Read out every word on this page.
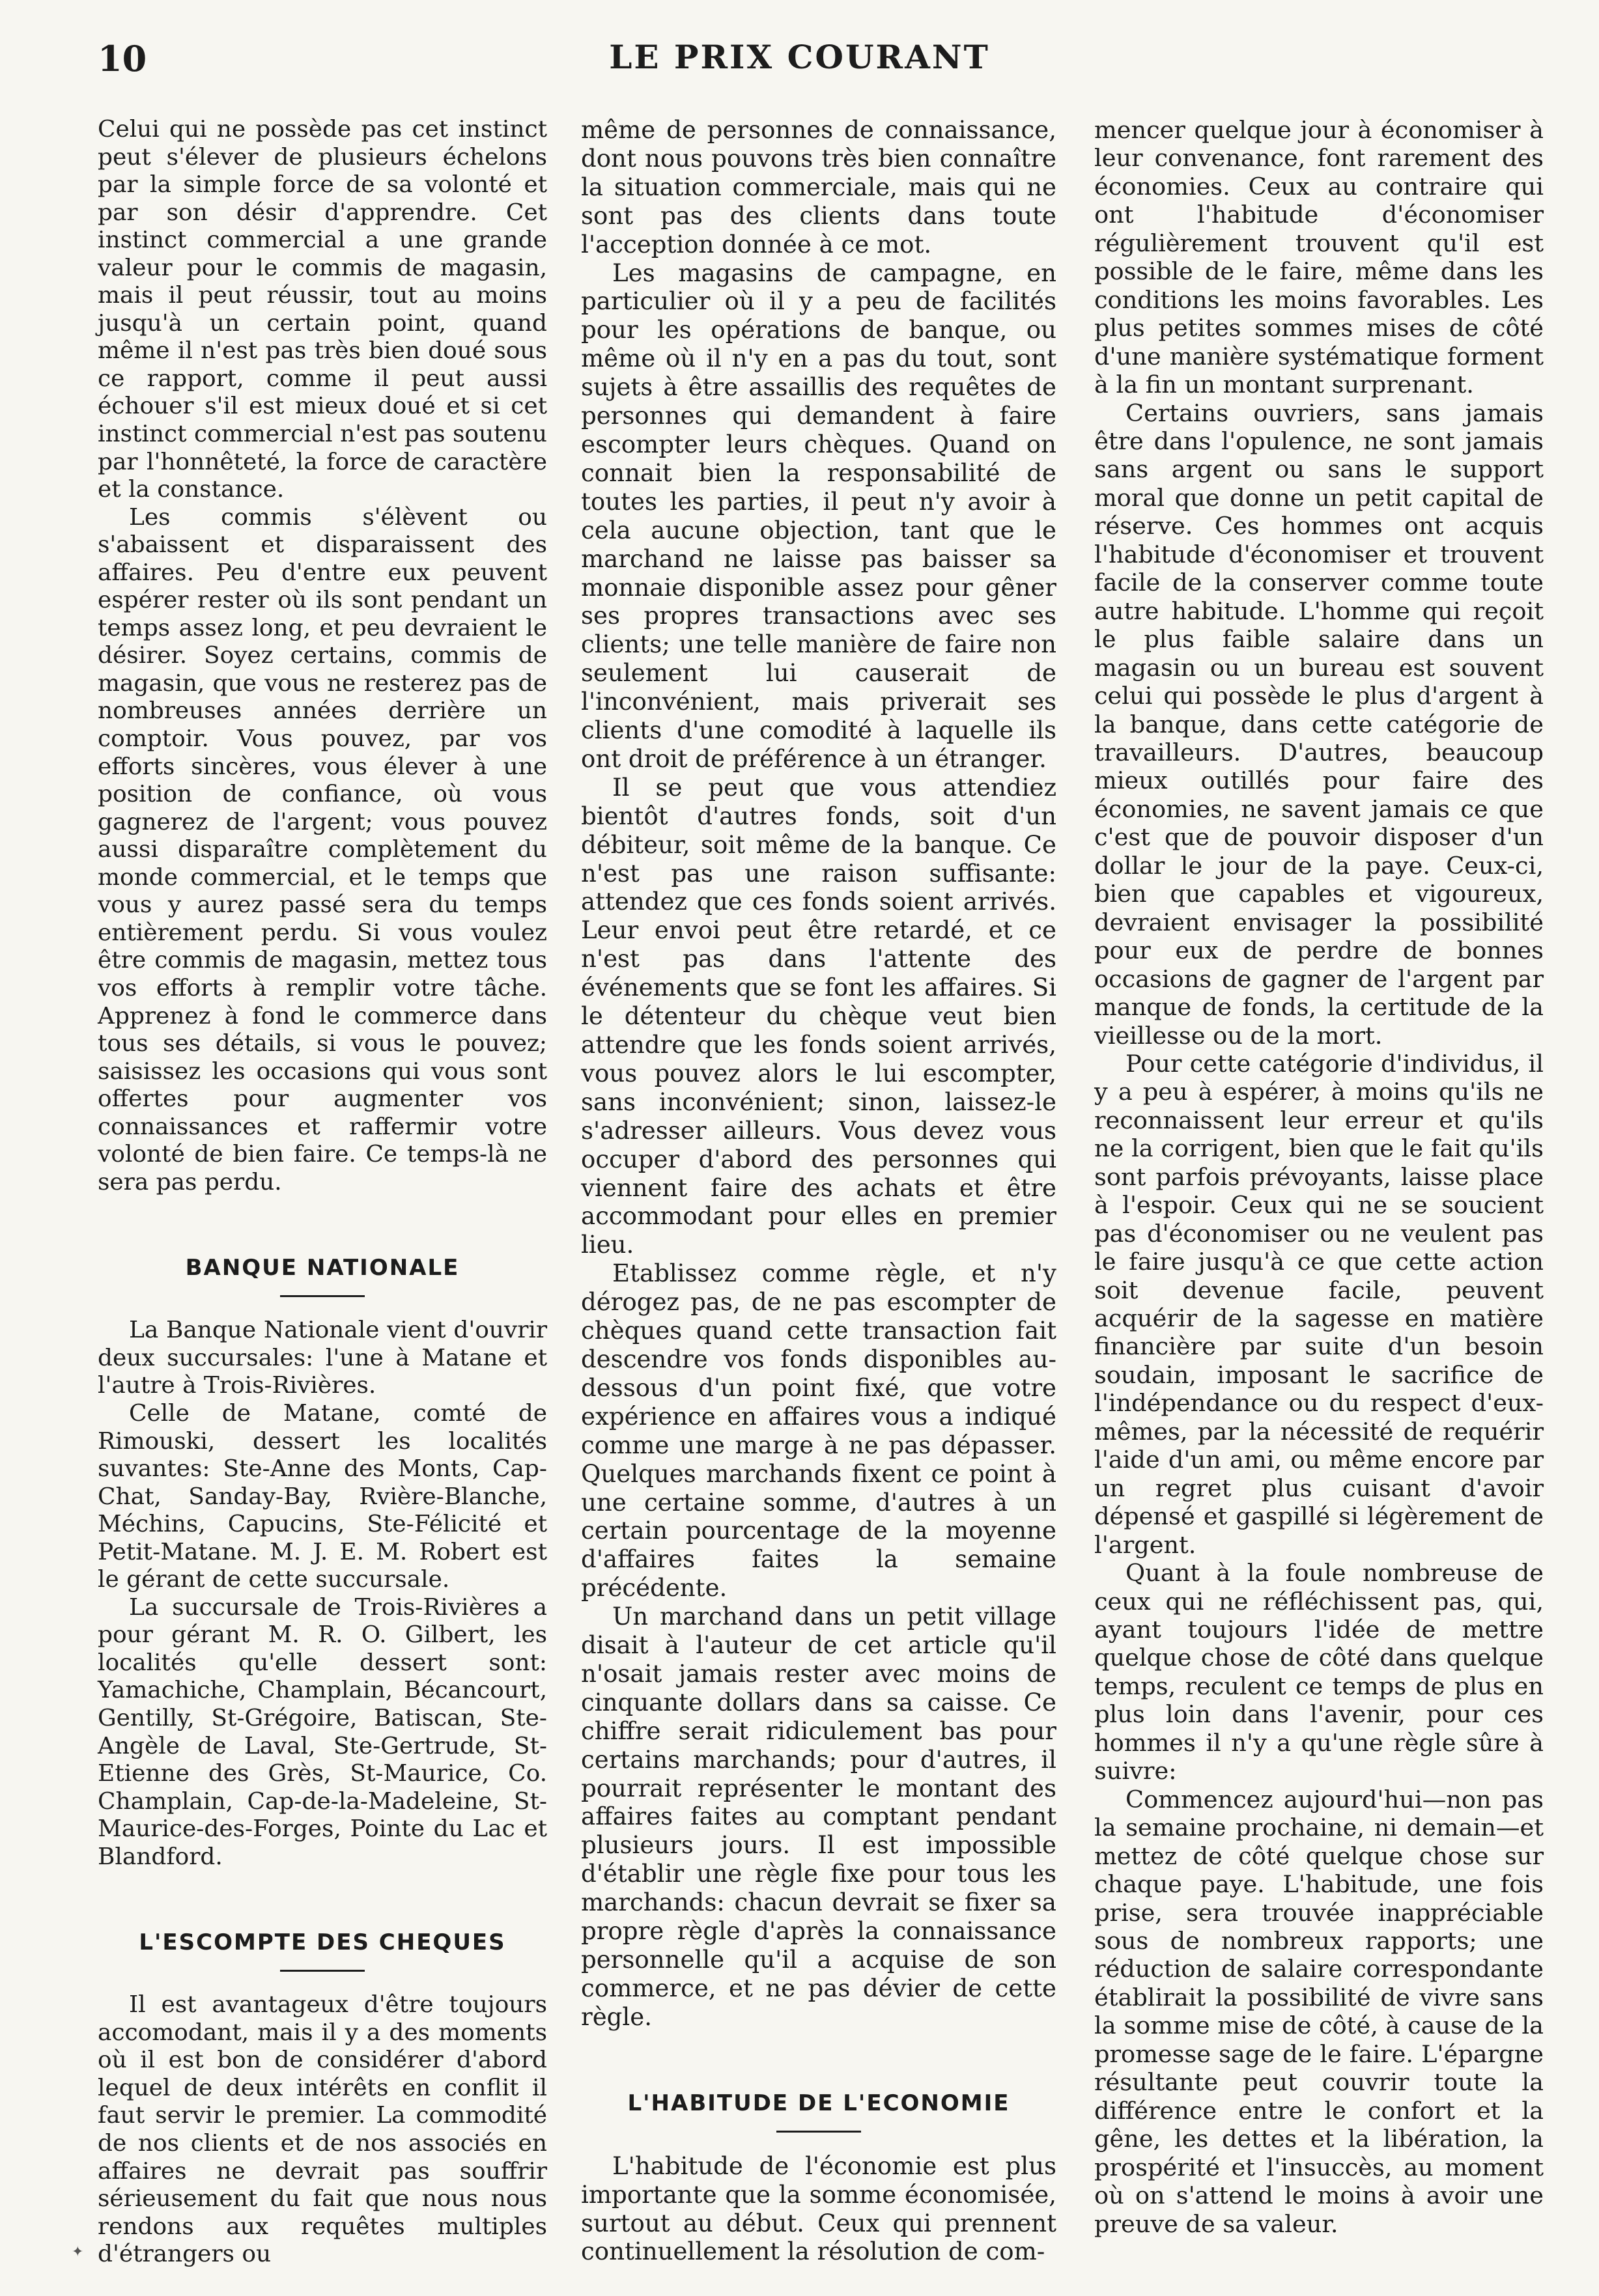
10	LE PRIX COURANT

Celui qui ne possède pas cet instinct peut s'élever de plusieurs échelons par la simple force de sa volonté et par son désir d'apprendre. Cet instinct commercial a une grande valeur pour le commis de magasin, mais il peut réussir, tout au moins jusqu'à un certain point, quand même il n'est pas très bien doué sous ce rapport, comme il peut aussi échouer s'il est mieux doué et si cet instinct commercial n'est pas soutenu par l'honnêteté, la force de caractère et la constance.

Les commis s'élèvent ou s'abaissent et disparaissent des affaires. Peu d'entre eux peuvent espérer rester où ils sont pendant un temps assez long, et peu devraient le désirer. Soyez certains, commis de magasin, que vous ne resterez pas de nombreuses années derrière un comptoir. Vous pouvez, par vos efforts sincères, vous élever à une position de confiance, où vous gagnerez de l'argent; vous pouvez aussi disparaître complètement du monde commercial, et le temps que vous y aurez passé sera du temps entièrement perdu. Si vous voulez être commis de magasin, mettez tous vos efforts à remplir votre tâche. Apprenez à fond le commerce dans tous ses détails, si vous le pouvez; saisissez les occasions qui vous sont offertes pour augmenter vos connaissances et raffermir votre volonté de bien faire. Ce temps-là ne sera pas perdu.

BANQUE NATIONALE

La Banque Nationale vient d'ouvrir deux succursales: l'une à Matane et l'autre à Trois-Rivières.

Celle de Matane, comté de Rimouski, dessert les localités suvantes: Ste-Anne des Monts, Cap-Chat, Sanday-Bay, Rvière-Blanche, Méchins, Capucins, Ste-Félicité et Petit-Matane. M. J. E. M. Robert est le gérant de cette succursale.

La succursale de Trois-Rivières a pour gérant M. R. O. Gilbert, les localités qu'elle dessert sont: Yamachiche, Champlain, Bécancourt, Gentilly, St-Grégoire, Batiscan, Ste-Angèle de Laval, Ste-Gertrude, St-Etienne des Grès, St-Maurice, Co. Champlain, Cap-de-la-Madeleine, St-Maurice-des-Forges, Pointe du Lac et Blandford.

L'ESCOMPTE DES CHEQUES

Il est avantageux d'être toujours accomodant, mais il y a des moments où il est bon de considérer d'abord lequel de deux intérêts en conflit il faut servir le premier. La commodité de nos clients et de nos associés en affaires ne devrait pas souffrir sérieusement du fait que nous nous rendons aux requêtes multiples d'étrangers ou

même de personnes de connaissance, dont nous pouvons très bien connaître la situation commerciale, mais qui ne sont pas des clients dans toute l'acception donnée à ce mot.

Les magasins de campagne, en particulier où il y a peu de facilités pour les opérations de banque, ou même où il n'y en a pas du tout, sont sujets à être assaillis des requêtes de personnes qui demandent à faire escompter leurs chèques. Quand on connait bien la responsabilité de toutes les parties, il peut n'y avoir à cela aucune objection, tant que le marchand ne laisse pas baisser sa monnaie disponible assez pour gêner ses propres transactions avec ses clients; une telle manière de faire non seulement lui causerait de l'inconvénient, mais priverait ses clients d'une comodité à laquelle ils ont droit de préférence à un étranger.

Il se peut que vous attendiez bientôt d'autres fonds, soit d'un débiteur, soit même de la banque. Ce n'est pas une raison suffisante: attendez que ces fonds soient arrivés. Leur envoi peut être retardé, et ce n'est pas dans l'attente des événements que se font les affaires. Si le détenteur du chèque veut bien attendre que les fonds soient arrivés, vous pouvez alors le lui escompter, sans inconvénient; sinon, laissez-le s'adresser ailleurs. Vous devez vous occuper d'abord des personnes qui viennent faire des achats et être accommodant pour elles en premier lieu.

Etablissez comme règle, et n'y dérogez pas, de ne pas escompter de chèques quand cette transaction fait descendre vos fonds disponibles au-dessous d'un point fixé, que votre expérience en affaires vous a indiqué comme une marge à ne pas dépasser. Quelques marchands fixent ce point à une certaine somme, d'autres à un certain pourcentage de la moyenne d'affaires faites la semaine précédente.

Un marchand dans un petit village disait à l'auteur de cet article qu'il n'osait jamais rester avec moins de cinquante dollars dans sa caisse. Ce chiffre serait ridiculement bas pour certains marchands; pour d'autres, il pourrait représenter le montant des affaires faites au comptant pendant plusieurs jours. Il est impossible d'établir une règle fixe pour tous les marchands: chacun devrait se fixer sa propre règle d'après la connaissance personnelle qu'il a acquise de son commerce, et ne pas dévier de cette règle.

L'HABITUDE DE L'ECONOMIE

L'habitude de l'économie est plus importante que la somme économisée, surtout au début. Ceux qui prennent continuellement la résolution de com-

mencer quelque jour à économiser à leur convenance, font rarement des économies. Ceux au contraire qui ont l'habitude d'économiser régulièrement trouvent qu'il est possible de le faire, même dans les conditions les moins favorables. Les plus petites sommes mises de côté d'une manière systématique forment à la fin un montant surprenant.

Certains ouvriers, sans jamais être dans l'opulence, ne sont jamais sans argent ou sans le support moral que donne un petit capital de réserve. Ces hommes ont acquis l'habitude d'économiser et trouvent facile de la conserver comme toute autre habitude. L'homme qui reçoit le plus faible salaire dans un magasin ou un bureau est souvent celui qui possède le plus d'argent à la banque, dans cette catégorie de travailleurs. D'autres, beaucoup mieux outillés pour faire des économies, ne savent jamais ce que c'est que de pouvoir disposer d'un dollar le jour de la paye. Ceux-ci, bien que capables et vigoureux, devraient envisager la possibilité pour eux de perdre de bonnes occasions de gagner de l'argent par manque de fonds, la certitude de la vieillesse ou de la mort.

Pour cette catégorie d'individus, il y a peu à espérer, à moins qu'ils ne reconnaissent leur erreur et qu'ils ne la corrigent, bien que le fait qu'ils sont parfois prévoyants, laisse place à l'espoir. Ceux qui ne se soucient pas d'économiser ou ne veulent pas le faire jusqu'à ce que cette action soit devenue facile, peuvent acquérir de la sagesse en matière financière par suite d'un besoin soudain, imposant le sacrifice de l'indépendance ou du respect d'eux-mêmes, par la nécessité de requérir l'aide d'un ami, ou même encore par un regret plus cuisant d'avoir dépensé et gaspillé si légèrement de l'argent.

Quant à la foule nombreuse de ceux qui ne réfléchissent pas, qui, ayant toujours l'idée de mettre quelque chose de côté dans quelque temps, reculent ce temps de plus en plus loin dans l'avenir, pour ces hommes il n'y a qu'une règle sûre à suivre:

Commencez aujourd'hui—non pas la semaine prochaine, ni demain—et mettez de côté quelque chose sur chaque paye. L'habitude, une fois prise, sera trouvée inappréciable sous de nombreux rapports; une réduction de salaire correspondante établirait la possibilité de vivre sans la somme mise de côté, à cause de la promesse sage de le faire. L'épargne résultante peut couvrir toute la différence entre le confort et la gêne, les dettes et la libération, la prospérité et l'insuccès, au moment où on s'attend le moins à avoir une preuve de sa valeur.

✦
